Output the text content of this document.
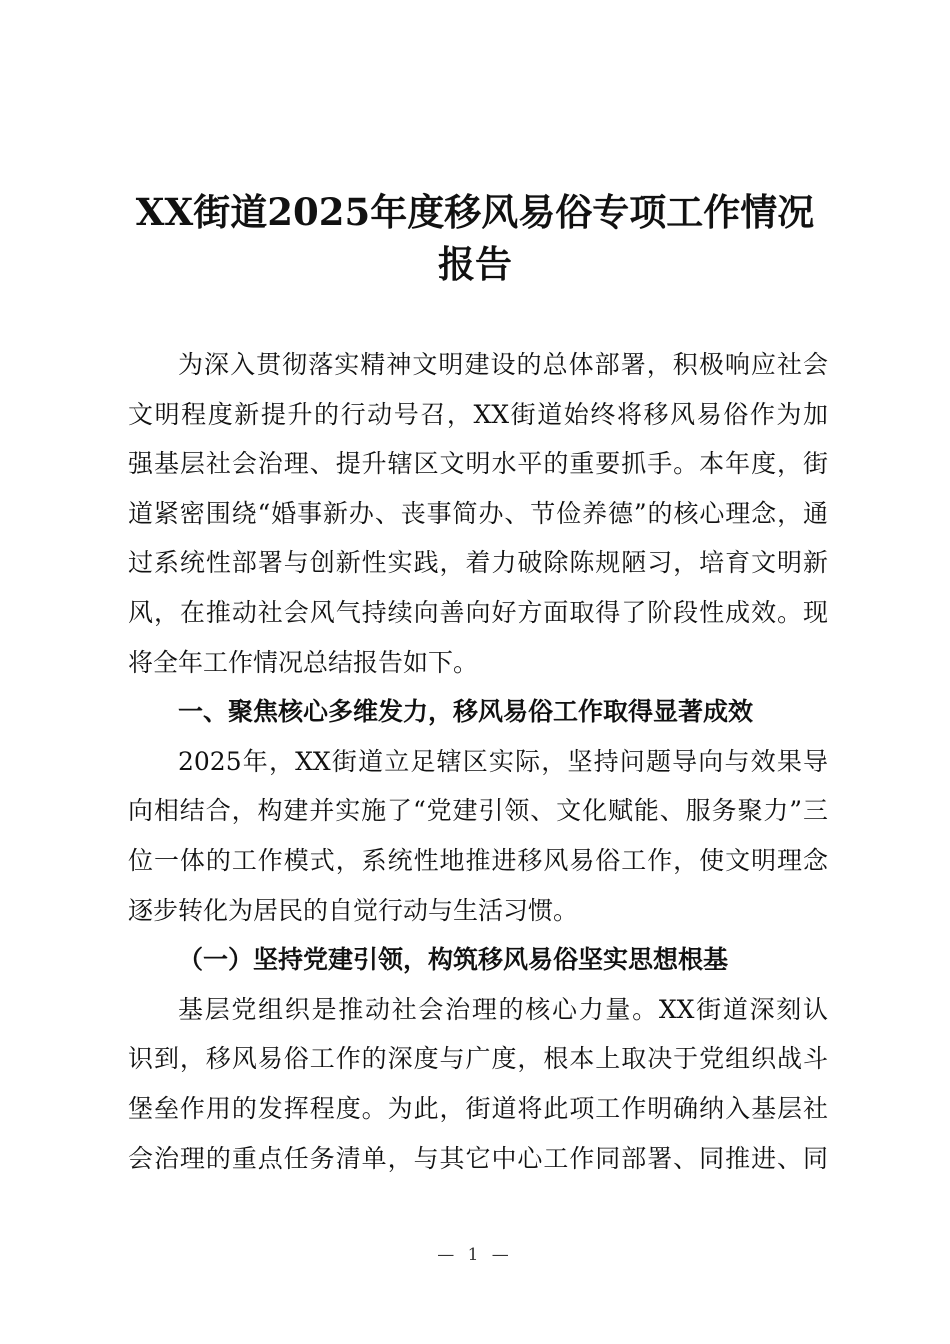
XX街道2025年度移风易俗专项工作情况
报告
为深入贯彻落实精神文明建设的总体部署，积极响应社会
文明程度新提升的行动号召，XX街道始终将移风易俗作为加
强基层社会治理、提升辖区文明水平的重要抓手。本年度，街
道紧密围绕“婚事新办、丧事简办、节俭养德”的核心理念，通
过系统性部署与创新性实践，着力破除陈规陋习，培育文明新
风，在推动社会风气持续向善向好方面取得了阶段性成效。现
将全年工作情况总结报告如下。
一、聚焦核心多维发力，移风易俗工作取得显著成效
2025年，XX街道立足辖区实际，坚持问题导向与效果导
向相结合，构建并实施了“党建引领、文化赋能、服务聚力”三
位一体的工作模式，系统性地推进移风易俗工作，使文明理念
逐步转化为居民的自觉行动与生活习惯。
（一）坚持党建引领，构筑移风易俗坚实思想根基
基层党组织是推动社会治理的核心力量。XX街道深刻认
识到，移风易俗工作的深度与广度，根本上取决于党组织战斗
堡垒作用的发挥程度。为此，街道将此项工作明确纳入基层社
会治理的重点任务清单，与其它中心工作同部署、同推进、同
— 1 —
